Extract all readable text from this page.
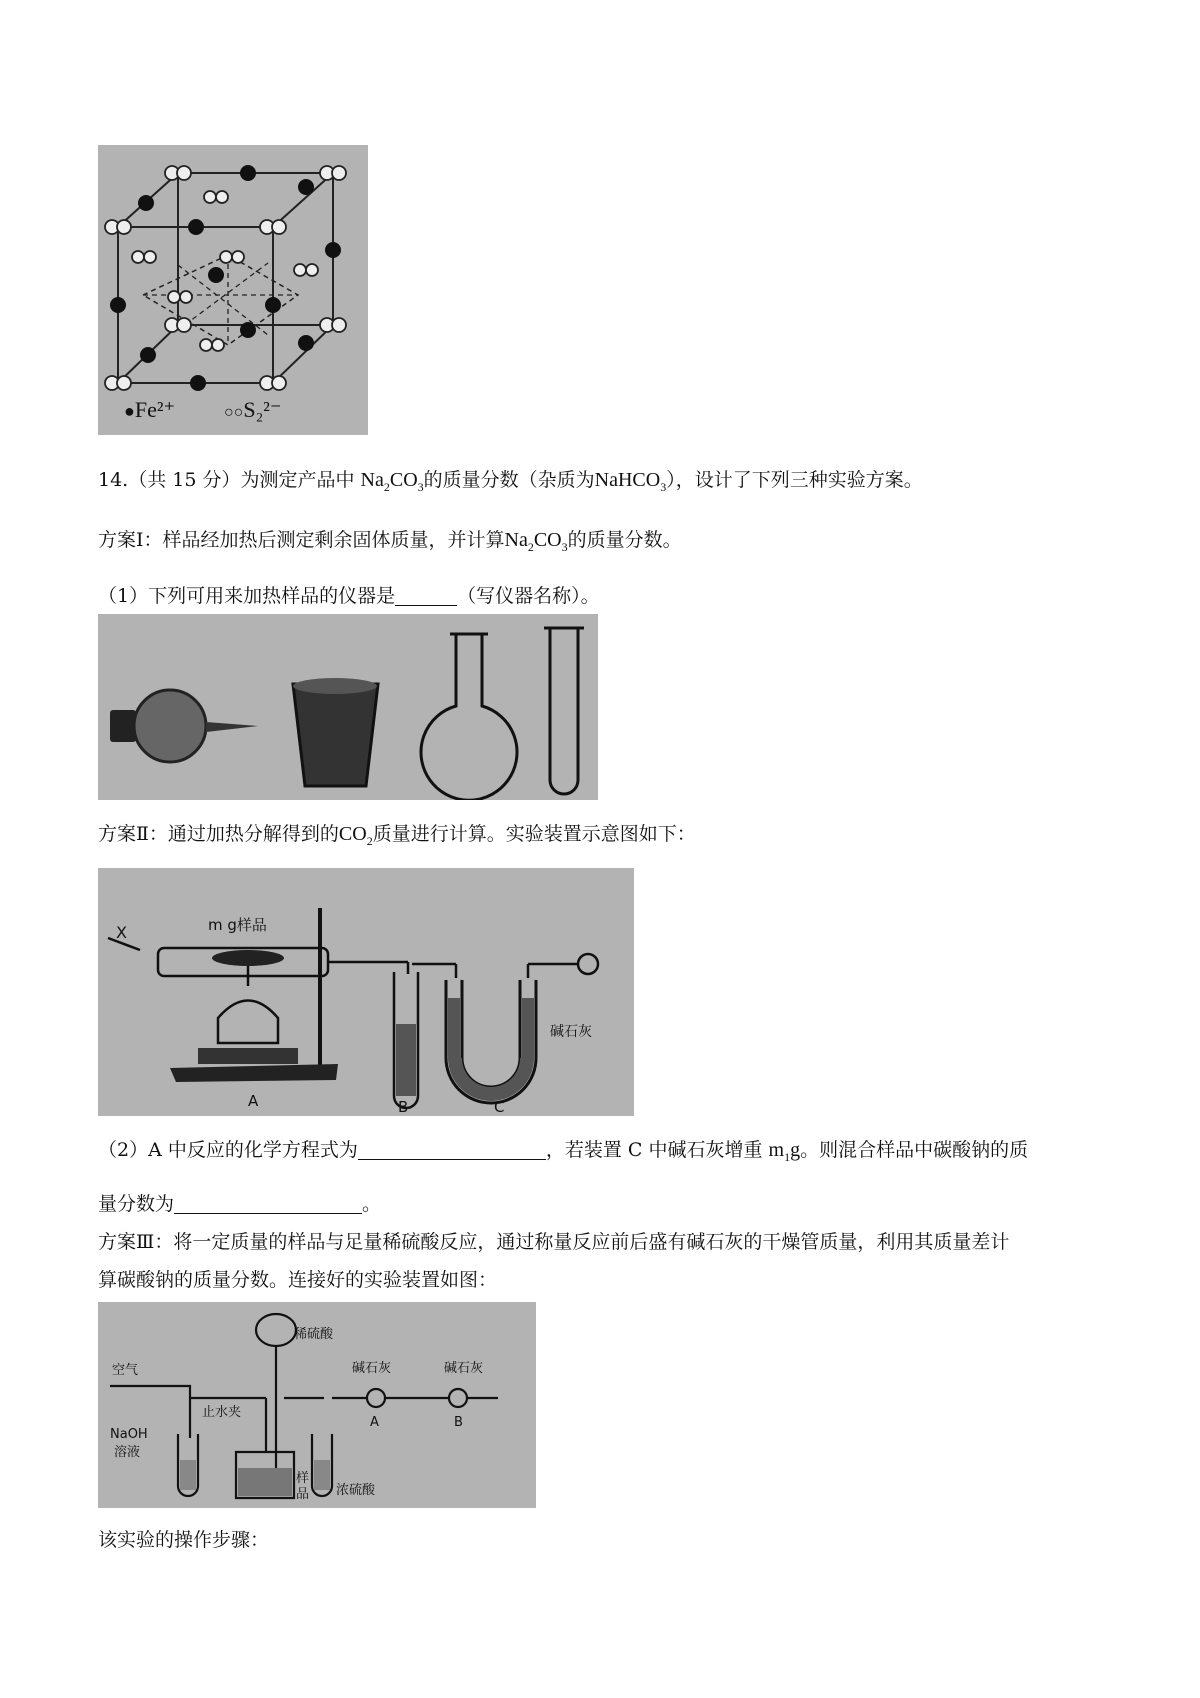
●Fe²⁺	○○S₂²⁻
14.（共 15 分）为测定产品中 $Na_2CO_3$的质量分数（杂质为NaHCO$_3$），设计了下列三种实验方案。
方案Ⅰ：样品经加热后测定剩余固体质量，并计算$Na_2CO_3$的质量分数。
（1）下列可用来加热样品的仪器是	（写仪器名称）。
方案Ⅱ：通过加热分解得到的$CO_2$质量进行计算。实验装置示意图如下：
X	m g样品
碱石灰
A	B	C
（2）A 中反应的化学方程式为	，若装置 C 中碱石灰增重 $m_1g$。则混合样品中碳酸钠的质
量分数为	。
方案Ⅲ：将一定质量的样品与足量稀硫酸反应，通过称量反应前后盛有碱石灰的干燥管质量，利用其质量差计
算碳酸钠的质量分数。连接好的实验装置如图：
空气
稀硫酸
止水夹
NaOH
溶液
样
品 浓硫酸
碱石灰	碱石灰
A	B
该实验的操作步骤：
